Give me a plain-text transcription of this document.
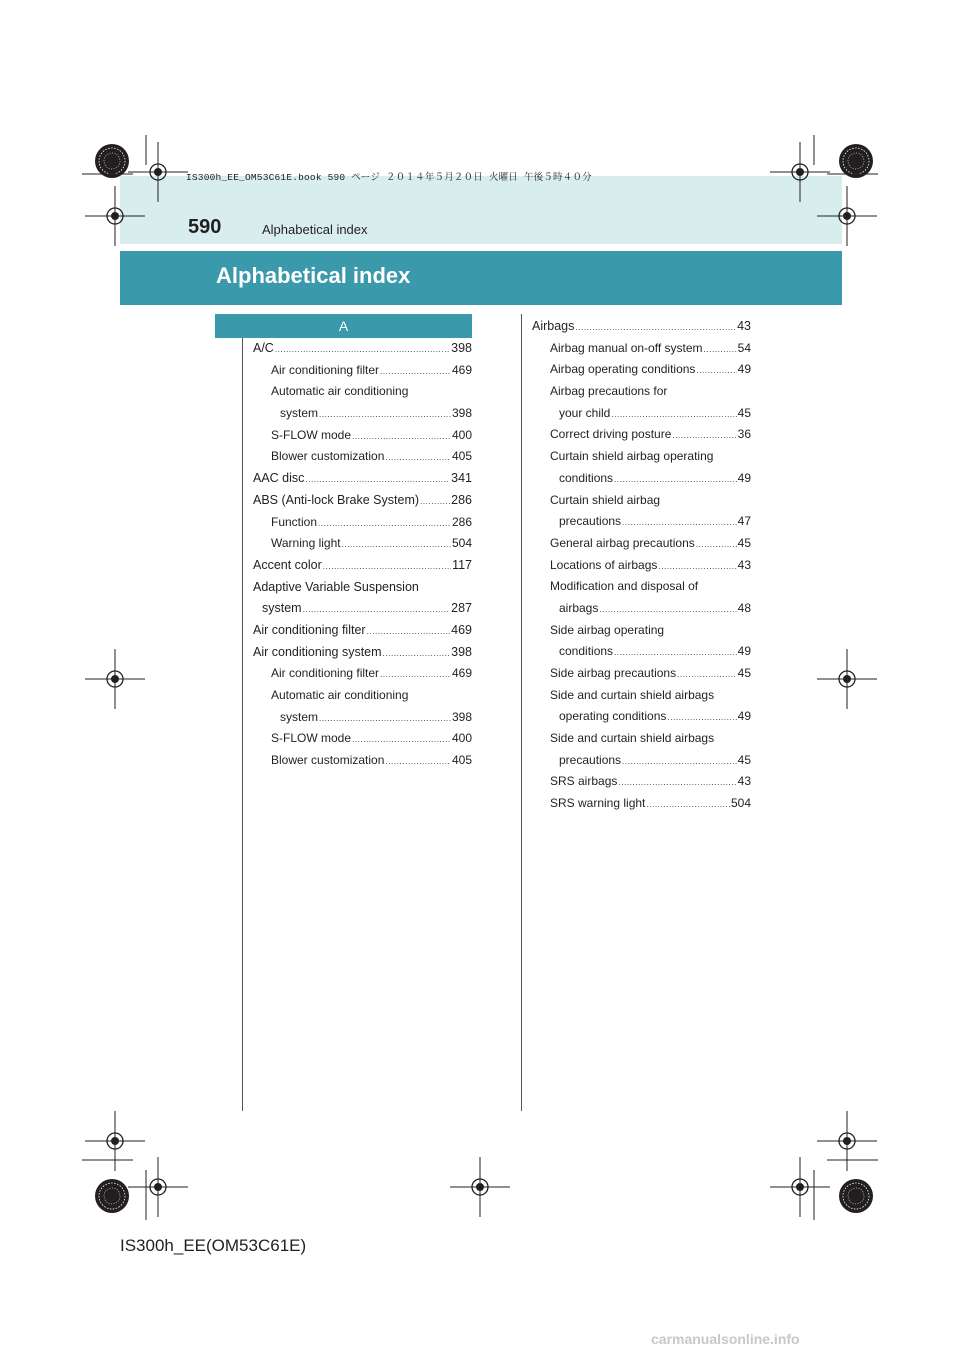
IS300h_EE_OM53C61E.book 590 ページ ２０１４年５月２０日 火曜日 午後５時４０分
590	Alphabetical index
Alphabetical index
A
A/C .....	398
Air conditioning filter .....	469
Automatic air conditioning
system .....	398
S-FLOW mode .....	400
Blower customization .....	405
AAC disc .....	341
ABS (Anti-lock Brake System) .....	286
Function .....	286
Warning light .....	504
Accent color .....	117
Adaptive Variable Suspension
system .....	287
Air conditioning filter .....	469
Air conditioning system .....	398
Air conditioning filter .....	469
Automatic air conditioning
system .....	398
S-FLOW mode .....	400
Blower customization .....	405
Airbags .....	43
Airbag manual on-off system .....	54
Airbag operating conditions .....	49
Airbag precautions for
your child .....	45
Correct driving posture .....	36
Curtain shield airbag operating
conditions .....	49
Curtain shield airbag
precautions .....	47
General airbag precautions .....	45
Locations of airbags .....	43
Modification and disposal of
airbags .....	48
Side airbag operating
conditions .....	49
Side airbag precautions .....	45
Side and curtain shield airbags
operating conditions .....	49
Side and curtain shield airbags
precautions .....	45
SRS airbags .....	43
SRS warning light .....	504
IS300h_EE(OM53C61E)
carmanualsonline.info
